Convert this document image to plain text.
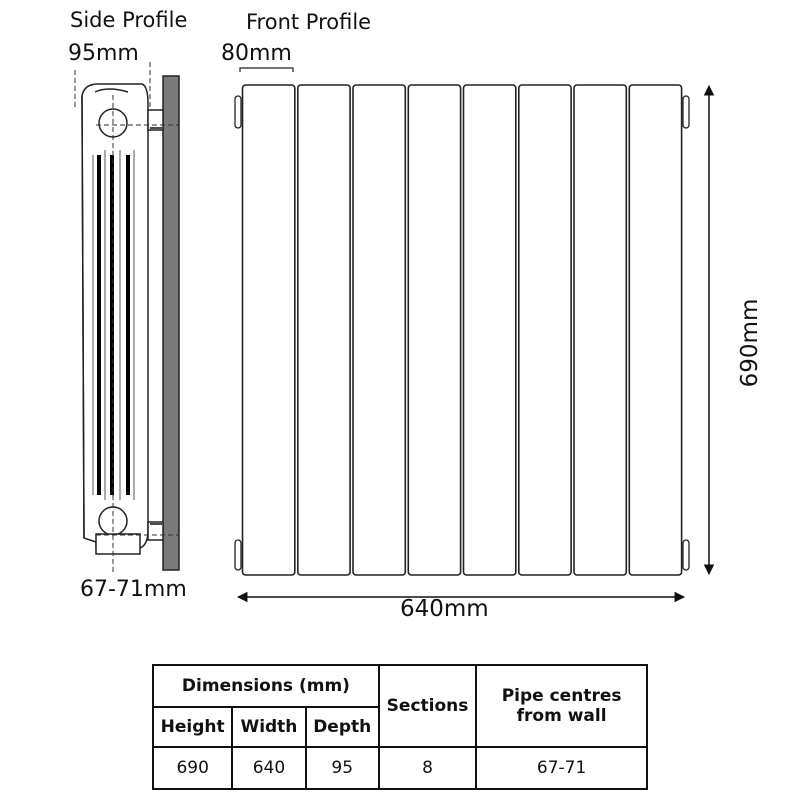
Side Profile	Front Profile
95mm	80mm
67-71mm
640mm
690mm
Dimensions (mm)			Sections	Pipe centres from wall
Height	Width	Depth		
690	640	95	8	67-71
